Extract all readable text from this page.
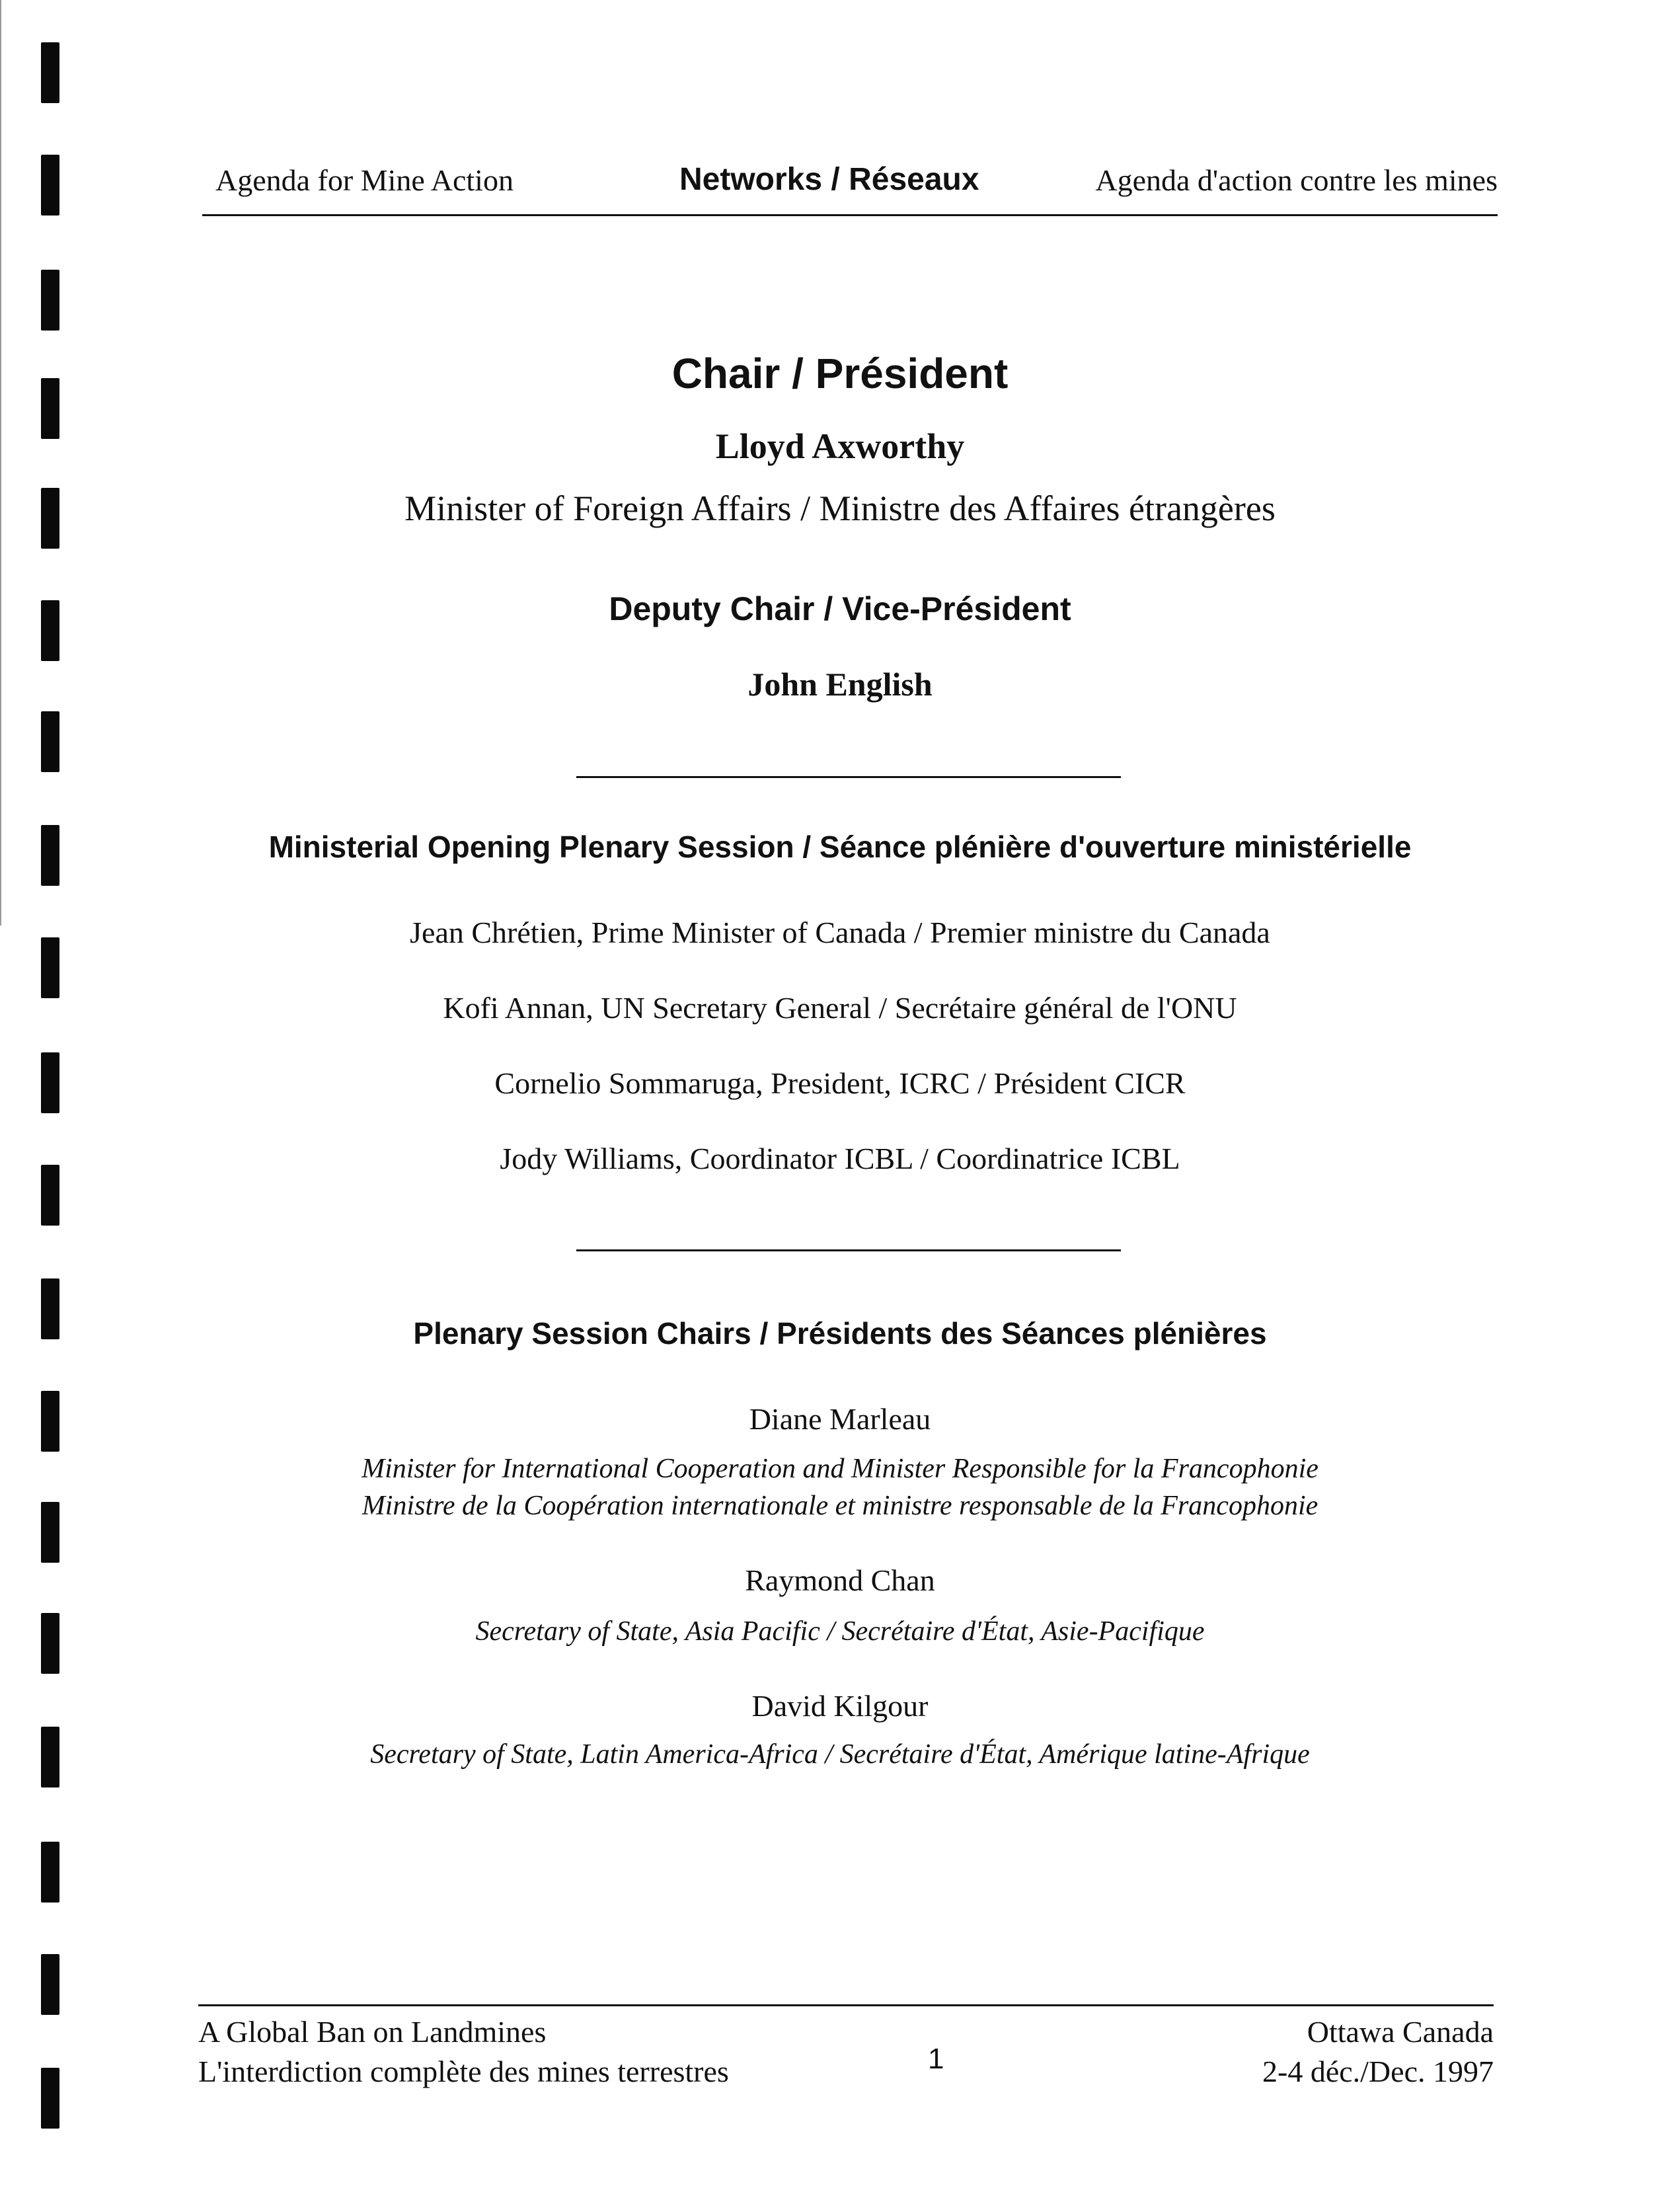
Agenda for Mine Action	Networks / Réseaux	Agenda d'action contre les mines
Chair / Président
Lloyd Axworthy
Minister of Foreign Affairs / Ministre des Affaires étrangères
Deputy Chair / Vice-Président
John English
Ministerial Opening Plenary Session / Séance plénière d'ouverture ministérielle
Jean Chrétien, Prime Minister of Canada / Premier ministre du Canada
Kofi Annan, UN Secretary General / Secrétaire général de l'ONU
Cornelio Sommaruga, President, ICRC / Président CICR
Jody Williams, Coordinator ICBL / Coordinatrice ICBL
Plenary Session Chairs / Présidents des Séances plénières
Diane Marleau
Minister for International Cooperation and Minister Responsible for la Francophonie
Ministre de la Coopération internationale et ministre responsable de la Francophonie
Raymond Chan
Secretary of State, Asia Pacific / Secrétaire d'État, Asie-Pacifique
David Kilgour
Secretary of State, Latin America-Africa / Secrétaire d'État, Amérique latine-Afrique
A Global Ban on Landmines
L'interdiction complète des mines terrestres	1
Ottawa Canada
2-4 déc./Dec. 1997
